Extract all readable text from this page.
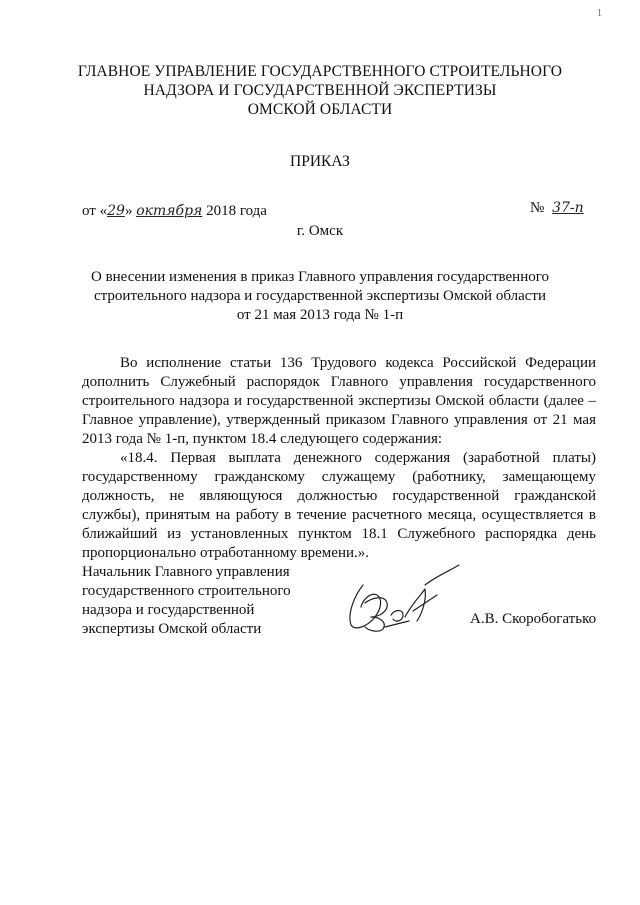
1
ГЛАВНОЕ УПРАВЛЕНИЕ ГОСУДАРСТВЕННОГО СТРОИТЕЛЬНОГО
НАДЗОРА И ГОСУДАРСТВЕННОЙ ЭКСПЕРТИЗЫ
ОМСКОЙ ОБЛАСТИ
ПРИКАЗ
от «29» октября 2018 года	№ 37-п
г. Омск
О внесении изменения в приказ Главного управления государственного
строительного надзора и государственной экспертизы Омской области
от 21 мая 2013 года № 1-п

Во исполнение статьи 136 Трудового кодекса Российской Федерации дополнить Служебный распорядок Главного управления государственного строительного надзора и государственной экспертизы Омской области (далее – Главное управление), утвержденный приказом Главного управления от 21 мая 2013 года № 1-п, пунктом 18.4 следующего содержания:

«18.4. Первая выплата денежного содержания (заработной платы) государственному гражданскому служащему (работнику, замещающему должность, не являющуюся должностью государственной гражданской службы), принятым на работу в течение расчетного месяца, осуществляется в ближайший из установленных пунктом 18.1 Служебного распорядка день пропорционально отработанному времени.».

Начальник Главного управления
государственного строительного
надзора и государственной
экспертизы Омской области
А.В. Скоробогатько
